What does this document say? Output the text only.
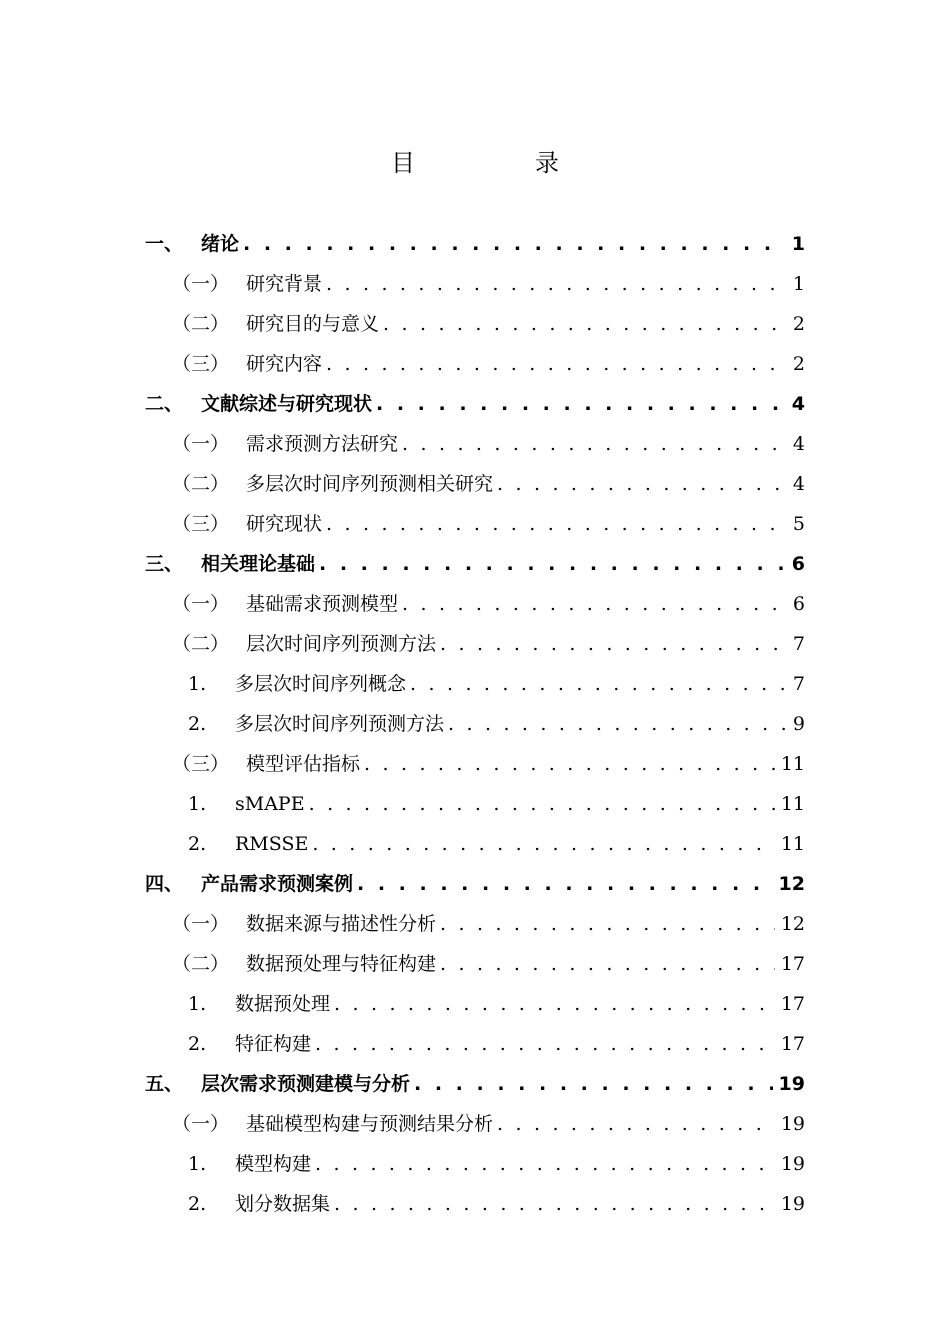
目　录
一、 绪论 . . .	1
（一） 研究背景 . . .	1
（二） 研究目的与意义 . . .	2
（三） 研究内容 . . .	2
二、 文献综述与研究现状 . . .	4
（一） 需求预测方法研究 . . .	4
（二） 多层次时间序列预测相关研究 . . .	4
（三） 研究现状 . . .	5
三、 相关理论基础 . . .	6
（一） 基础需求预测模型 . . .	6
（二） 层次时间序列预测方法 . . .	7
1.	多层次时间序列概念 . . .	7
2.	多层次时间序列预测方法 . . .	9
（三） 模型评估指标 . . .	11
1.	sMAPE . . .	11
2.	RMSSE . . .	11
四、 产品需求预测案例 . . .	12
（一） 数据来源与描述性分析 . . .	12
（二） 数据预处理与特征构建 . . .	17
1.	数据预处理 . . .	17
2.	特征构建 . . .	17
五、 层次需求预测建模与分析 . . .	19
（一） 基础模型构建与预测结果分析 . . .	19
1.	模型构建 . . .	19
2.	划分数据集 . . .	19
